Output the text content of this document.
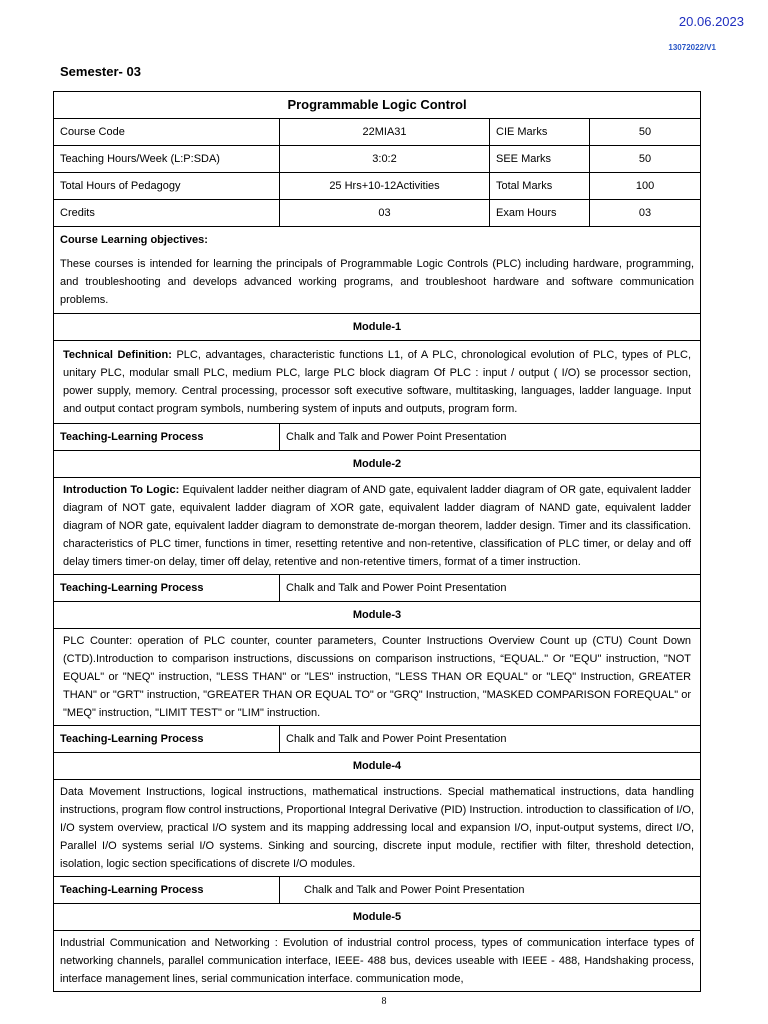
20.06.2023
13072022/V1
Semester- 03
Programmable Logic Control			
Course Code	22MIA31	CIE Marks	50
Teaching Hours/Week (L:P:SDA)	3:0:2	SEE Marks	50
Total Hours of Pedagogy	25 Hrs+10-12Activities	Total Marks	100
Credits	03	Exam Hours	03

Course Learning objectives:
These courses is intended for learning the principals of Programmable Logic Controls (PLC) including hardware, programming, and troubleshooting and develops advanced working programs, and troubleshoot hardware and software communication problems.			

Module-1			
Technical Definition: PLC, advantages, characteristic functions L1, of A PLC, chronological evolution of PLC, types of PLC, unitary PLC, modular small PLC, medium PLC, large PLC block diagram Of PLC : input / output ( I/O) se processor section, power supply, memory. Central processing, processor soft executive software, multitasking, languages, ladder language. Input and output contact program symbols, numbering system of inputs and outputs, program form.			
Teaching-Learning Process	Chalk and Talk and Power Point Presentation		
Module-2			
Introduction To Logic: Equivalent ladder neither diagram of AND gate, equivalent ladder diagram of OR gate, equivalent ladder diagram of NOT gate, equivalent ladder diagram of XOR gate, equivalent ladder diagram of NAND gate, equivalent ladder diagram of NOR gate, equivalent ladder diagram to demonstrate de-morgan theorem, ladder design. Timer and its classification. characteristics of PLC timer, functions in timer, resetting retentive and non-retentive, classification of PLC timer, or delay and off delay timers timer-on delay, timer off delay, retentive and non-retentive timers, format of a timer instruction.			
Teaching-Learning Process	Chalk and Talk and Power Point Presentation		
Module-3			
PLC Counter: operation of PLC counter, counter parameters, Counter Instructions Overview Count up (CTU) Count Down (CTD).Introduction to comparison instructions, discussions on comparison instructions, “EQUAL." Or "EQU" instruction, "NOT EQUAL" or "NEQ" instruction, "LESS THAN" or "LES" instruction, "LESS THAN OR EQUAL" or "LEQ" Instruction, GREATER THAN" or "GRT" instruction, "GREATER THAN OR EQUAL TO" or "GRQ" Instruction, "MASKED COMPARISON FOREQUAL" or "MEQ" instruction, "LIMIT TEST" or "LIM" instruction.			
Teaching-Learning Process	Chalk and Talk and Power Point Presentation		
Module-4			
Data Movement Instructions, logical instructions, mathematical instructions. Special mathematical instructions, data handling instructions, program flow control instructions, Proportional Integral Derivative (PID) Instruction. introduction to classification of I/O, I/O system overview, practical I/O system and its mapping addressing local and expansion I/O, input-output systems, direct I/O, Parallel I/O systems serial I/O systems. Sinking and sourcing, discrete input module, rectifier with filter, threshold detection, isolation, logic section specifications of discrete I/O modules.			
Teaching-Learning Process	Chalk and Talk and Power Point Presentation		
Module-5			
Industrial Communication and Networking : Evolution of industrial control process, types of communication interface types of networking channels, parallel communication interface, IEEE- 488 bus, devices useable with IEEE - 488, Handshaking process, interface management lines, serial communication interface. communication mode,			
8
